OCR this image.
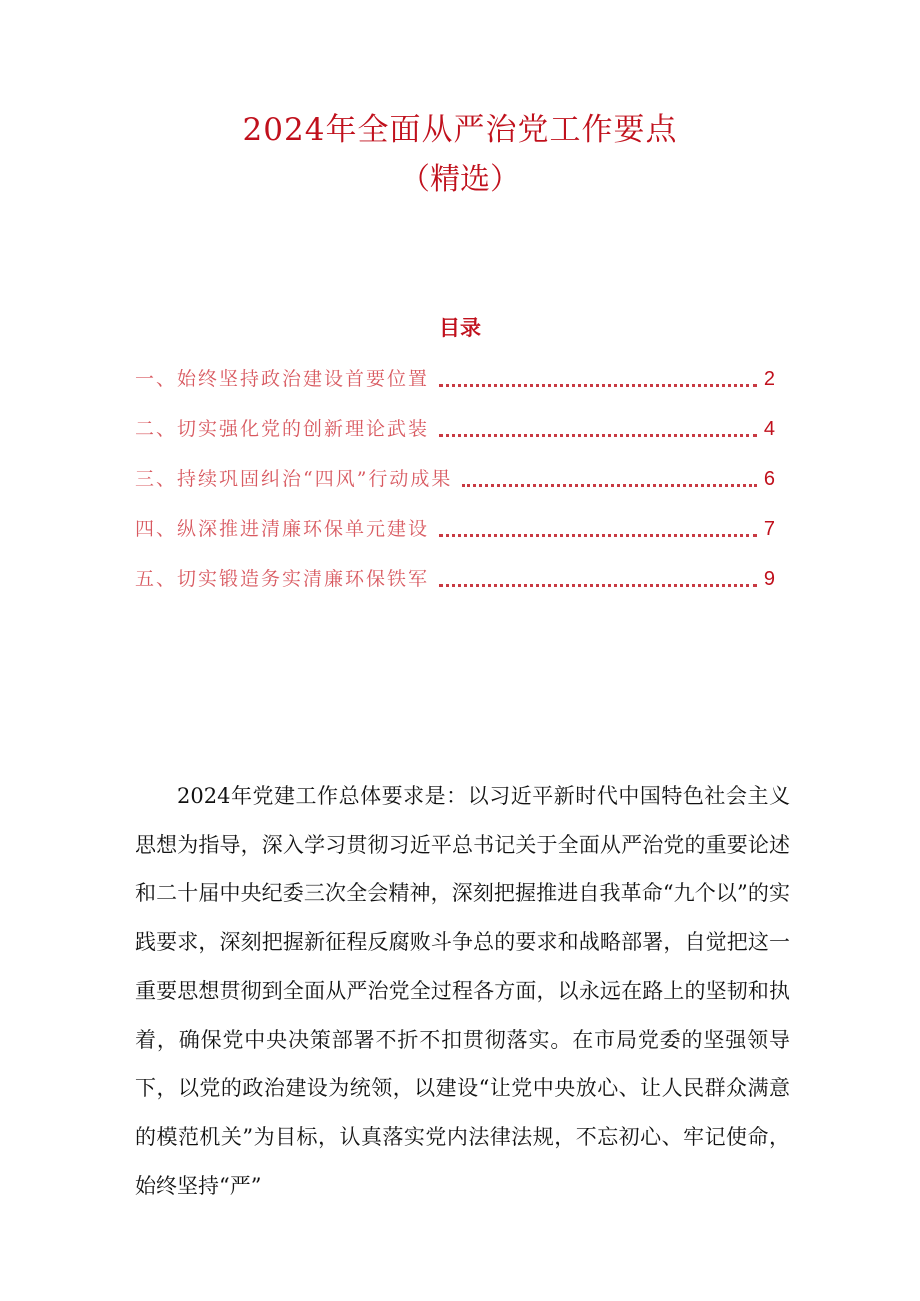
2024年全面从严治党工作要点
（精选）
目录
一、始终坚持政治建设首要位置	2
二、切实强化党的创新理论武装	4
三、持续巩固纠治“四风”行动成果	6
四、纵深推进清廉环保单元建设	7
五、切实锻造务实清廉环保铁军	9

2024年党建工作总体要求是：以习近平新时代中国特色社会主义思想为指导，深入学习贯彻习近平总书记关于全面从严治党的重要论述和二十届中央纪委三次全会精神，深刻把握推进自我革命“九个以”的实践要求，深刻把握新征程反腐败斗争总的要求和战略部署，自觉把这一重要思想贯彻到全面从严治党全过程各方面，以永远在路上的坚韧和执着，确保党中央决策部署不折不扣贯彻落实。在市局党委的坚强领导下，以党的政治建设为统领，以建设“让党中央放心、让人民群众满意的模范机关”为目标，认真落实党内法律法规，不忘初心、牢记使命，始终坚持“严”
